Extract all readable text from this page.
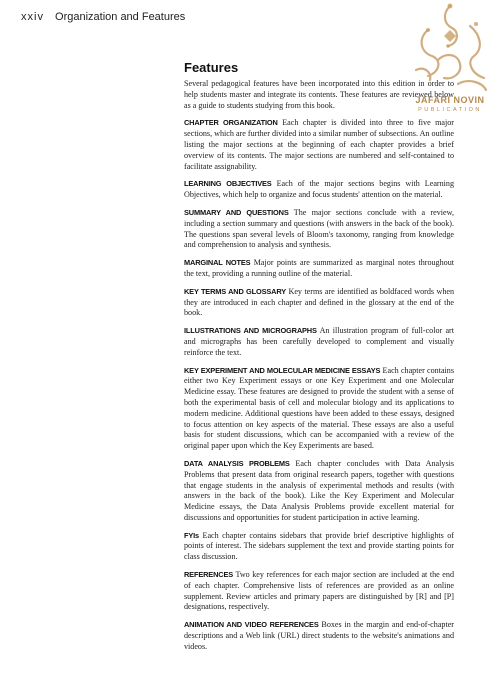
xxiv Organization and Features
JAFARI NOVIN
PUBLICATION
Features

Several pedagogical features have been incorporated into this edition in order to help students master and integrate its contents. These features are reviewed below as a guide to students studying from this book.

CHAPTER ORGANIZATION Each chapter is divided into three to five major sections, which are further divided into a similar number of subsections. An outline listing the major sections at the beginning of each chapter provides a brief overview of its contents. The major sections are numbered and self-contained to facilitate assignability.

LEARNING OBJECTIVES Each of the major sections begins with Learning Objectives, which help to organize and focus students' attention on the material.

SUMMARY AND QUESTIONS The major sections conclude with a review, including a section summary and questions (with answers in the back of the book). The questions span several levels of Bloom's taxonomy, ranging from knowledge and comprehension to analysis and synthesis.

MARGINAL NOTES Major points are summarized as marginal notes throughout the text, providing a running outline of the material.

KEY TERMS AND GLOSSARY Key terms are identified as boldfaced words when they are introduced in each chapter and defined in the glossary at the end of the book.

ILLUSTRATIONS AND MICROGRAPHS An illustration program of full-color art and micrographs has been carefully developed to complement and visually reinforce the text.

KEY EXPERIMENT AND MOLECULAR MEDICINE ESSAYS Each chapter contains either two Key Experiment essays or one Key Experiment and one Molecular Medicine essay. These features are designed to provide the student with a sense of both the experimental basis of cell and molecular biology and its applications to modern medicine. Additional questions have been added to these essays, designed to focus attention on key aspects of the material. These essays are also a useful basis for student discussions, which can be accompanied with a review of the original paper upon which the Key Experiments are based.

DATA ANALYSIS PROBLEMS Each chapter concludes with Data Analysis Problems that present data from original research papers, together with questions that engage students in the analysis of experimental methods and results (with answers in the back of the book). Like the Key Experiment and Molecular Medicine essays, the Data Analysis Problems provide excellent material for discussions and opportunities for student participation in active learning.

FYIs Each chapter contains sidebars that provide brief descriptive highlights of points of interest. The sidebars supplement the text and provide starting points for class discussion.

REFERENCES Two key references for each major section are included at the end of each chapter. Comprehensive lists of references are provided as an online supplement. Review articles and primary papers are distinguished by [R] and [P] designations, respectively.

ANIMATION AND VIDEO REFERENCES Boxes in the margin and end-of-chapter descriptions and a Web link (URL) direct students to the website's animations and videos.
